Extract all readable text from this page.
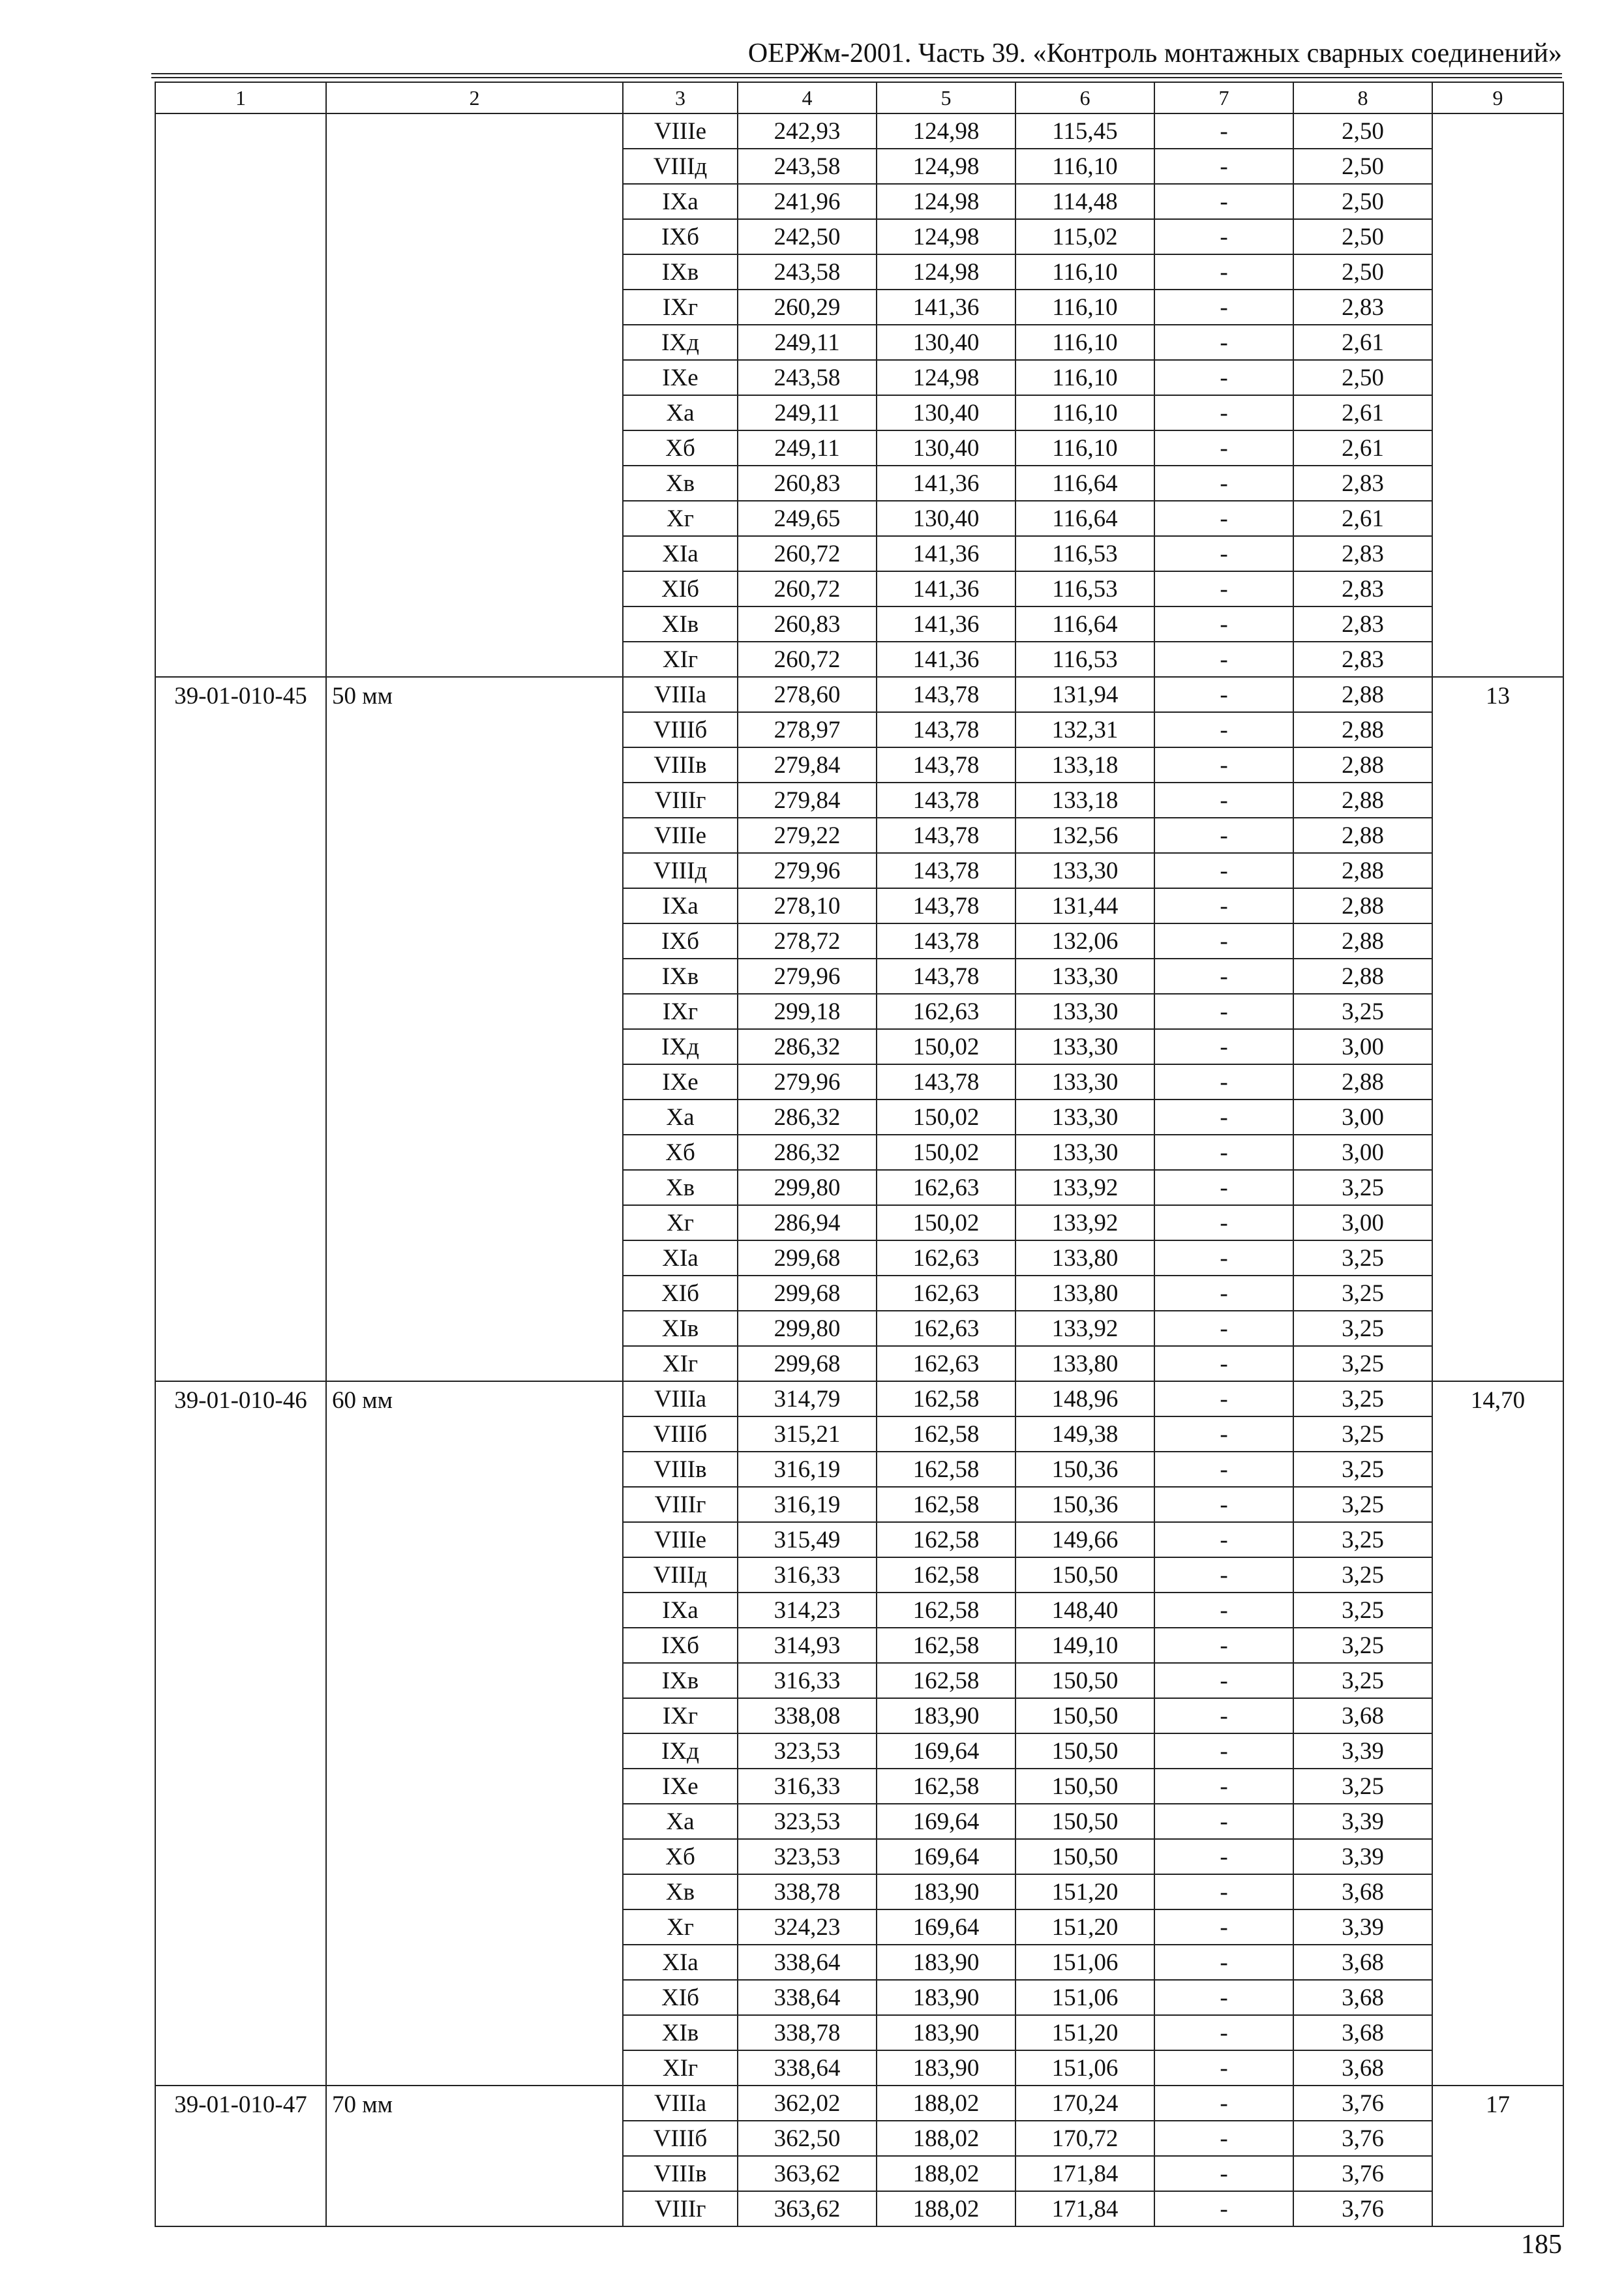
ОЕРЖм-2001. Часть 39. «Контроль монтажных сварных соединений»
1	2	3	4	5	6	7	8	9
		VIIIе	242,93	124,98	115,45	-	2,50	
		VIIIд	243,58	124,98	116,10	-	2,50	
		IXа	241,96	124,98	114,48	-	2,50	
		IXб	242,50	124,98	115,02	-	2,50	
		IXв	243,58	124,98	116,10	-	2,50	
		IXг	260,29	141,36	116,10	-	2,83	
		IXд	249,11	130,40	116,10	-	2,61	
		IXе	243,58	124,98	116,10	-	2,50	
		Xа	249,11	130,40	116,10	-	2,61	
		Xб	249,11	130,40	116,10	-	2,61	
		Xв	260,83	141,36	116,64	-	2,83	
		Xг	249,65	130,40	116,64	-	2,61	
		XIа	260,72	141,36	116,53	-	2,83	
		XIб	260,72	141,36	116,53	-	2,83	
		XIв	260,83	141,36	116,64	-	2,83	
		XIг	260,72	141,36	116,53	-	2,83	
39-01-010-45	50 мм	VIIIа	278,60	143,78	131,94	-	2,88	13
		VIIIб	278,97	143,78	132,31	-	2,88	
		VIIIв	279,84	143,78	133,18	-	2,88	
		VIIIг	279,84	143,78	133,18	-	2,88	
		VIIIе	279,22	143,78	132,56	-	2,88	
		VIIIд	279,96	143,78	133,30	-	2,88	
		IXа	278,10	143,78	131,44	-	2,88	
		IXб	278,72	143,78	132,06	-	2,88	
		IXв	279,96	143,78	133,30	-	2,88	
		IXг	299,18	162,63	133,30	-	3,25	
		IXд	286,32	150,02	133,30	-	3,00	
		IXе	279,96	143,78	133,30	-	2,88	
		Xа	286,32	150,02	133,30	-	3,00	
		Xб	286,32	150,02	133,30	-	3,00	
		Xв	299,80	162,63	133,92	-	3,25	
		Xг	286,94	150,02	133,92	-	3,00	
		XIа	299,68	162,63	133,80	-	3,25	
		XIб	299,68	162,63	133,80	-	3,25	
		XIв	299,80	162,63	133,92	-	3,25	
		XIг	299,68	162,63	133,80	-	3,25	
39-01-010-46	60 мм	VIIIа	314,79	162,58	148,96	-	3,25	14,70
		VIIIб	315,21	162,58	149,38	-	3,25	
		VIIIв	316,19	162,58	150,36	-	3,25	
		VIIIг	316,19	162,58	150,36	-	3,25	
		VIIIе	315,49	162,58	149,66	-	3,25	
		VIIIд	316,33	162,58	150,50	-	3,25	
		IXа	314,23	162,58	148,40	-	3,25	
		IXб	314,93	162,58	149,10	-	3,25	
		IXв	316,33	162,58	150,50	-	3,25	
		IXг	338,08	183,90	150,50	-	3,68	
		IXд	323,53	169,64	150,50	-	3,39	
		IXе	316,33	162,58	150,50	-	3,25	
		Xа	323,53	169,64	150,50	-	3,39	
		Xб	323,53	169,64	150,50	-	3,39	
		Xв	338,78	183,90	151,20	-	3,68	
		Xг	324,23	169,64	151,20	-	3,39	
		XIа	338,64	183,90	151,06	-	3,68	
		XIб	338,64	183,90	151,06	-	3,68	
		XIв	338,78	183,90	151,20	-	3,68	
		XIг	338,64	183,90	151,06	-	3,68	
39-01-010-47	70 мм	VIIIа	362,02	188,02	170,24	-	3,76	17
		VIIIб	362,50	188,02	170,72	-	3,76	
		VIIIв	363,62	188,02	171,84	-	3,76	
		VIIIг	363,62	188,02	171,84	-	3,76	
185
